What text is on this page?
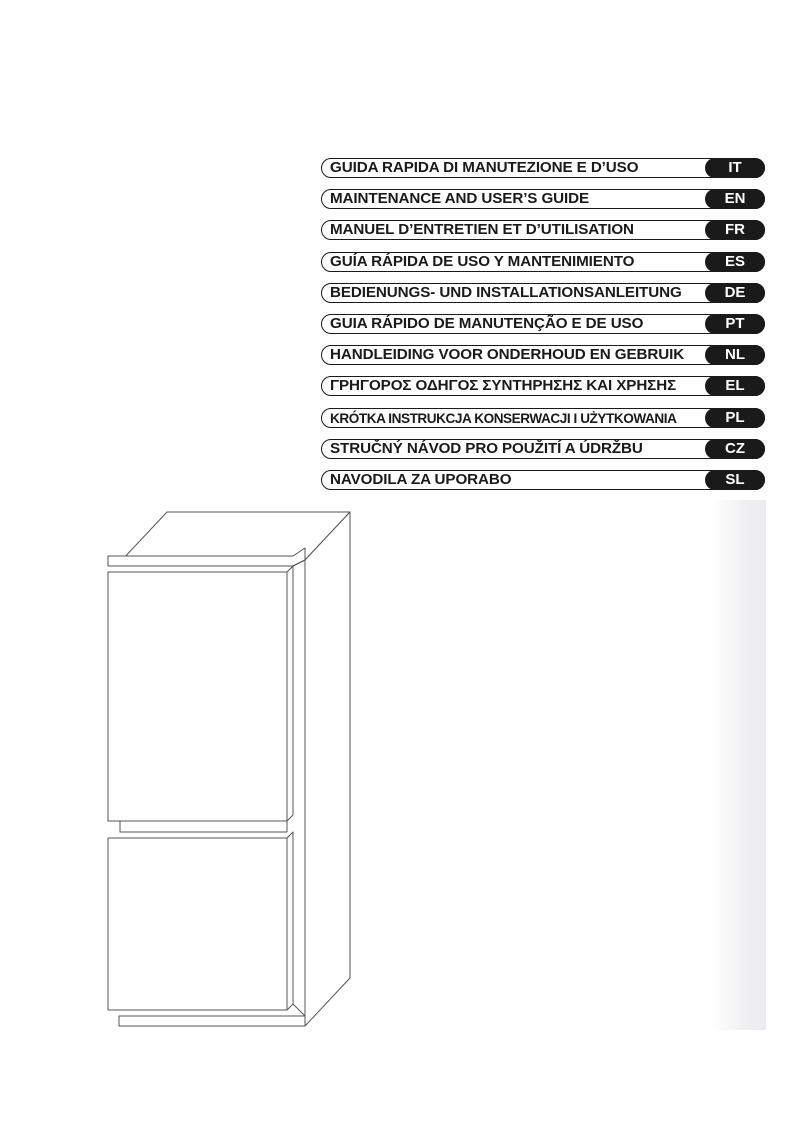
GUIDA RAPIDA DI MANUTEZIONE E D’USO	IT
MAINTENANCE AND USER’S GUIDE	EN
MANUEL D’ENTRETIEN ET D’UTILISATION	FR
GUÍA RÁPIDA DE USO Y MANTENIMIENTO	ES
BEDIENUNGS- UND INSTALLATIONSANLEITUNG	DE
GUIA RÁPIDO DE MANUTENÇÃO E DE USO	PT
HANDLEIDING VOOR ONDERHOUD EN GEBRUIK	NL
ΓΡΗΓΟΡΟΣ ΟΔΗΓΟΣ ΣΥΝΤΗΡΗΣΗΣ ΚΑΙ ΧΡΗΣΗΣ	EL
KRÓTKA INSTRUKCJA KONSERWACJI I UŻYTKOWANIA	PL
STRUČNÝ NÁVOD PRO POUŽITÍ A ÚDRŽBU	CZ
NAVODILA ZA UPORABO	SL
